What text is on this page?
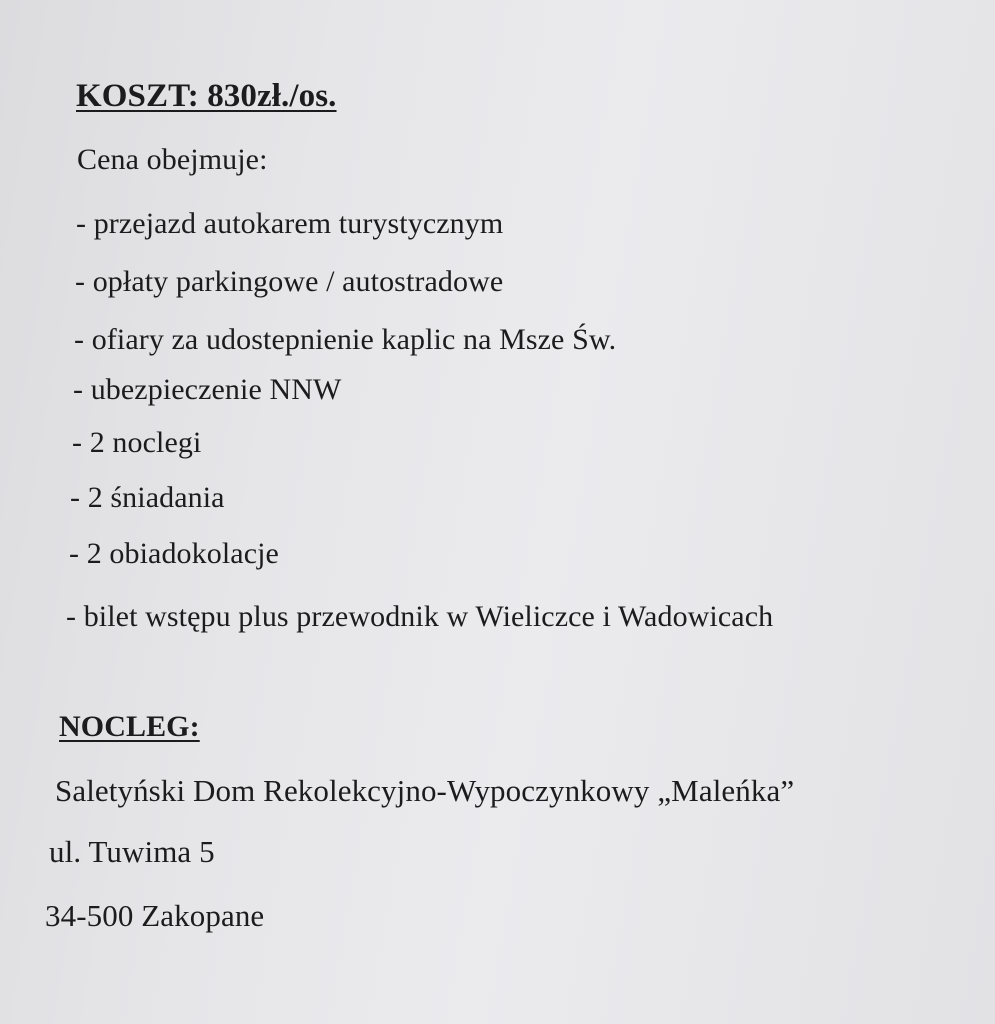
KOSZT: 830zł./os.
Cena obejmuje:
- przejazd autokarem turystycznym
- opłaty parkingowe / autostradowe
- ofiary za udostepnienie kaplic na Msze Św.
- ubezpieczenie NNW
- 2 noclegi
- 2 śniadania
- 2 obiadokolacje
- bilet wstępu plus przewodnik w Wieliczce i Wadowicach
NOCLEG:
Saletyński Dom Rekolekcyjno-Wypoczynkowy „Maleńka”
ul. Tuwima 5
34-500 Zakopane
